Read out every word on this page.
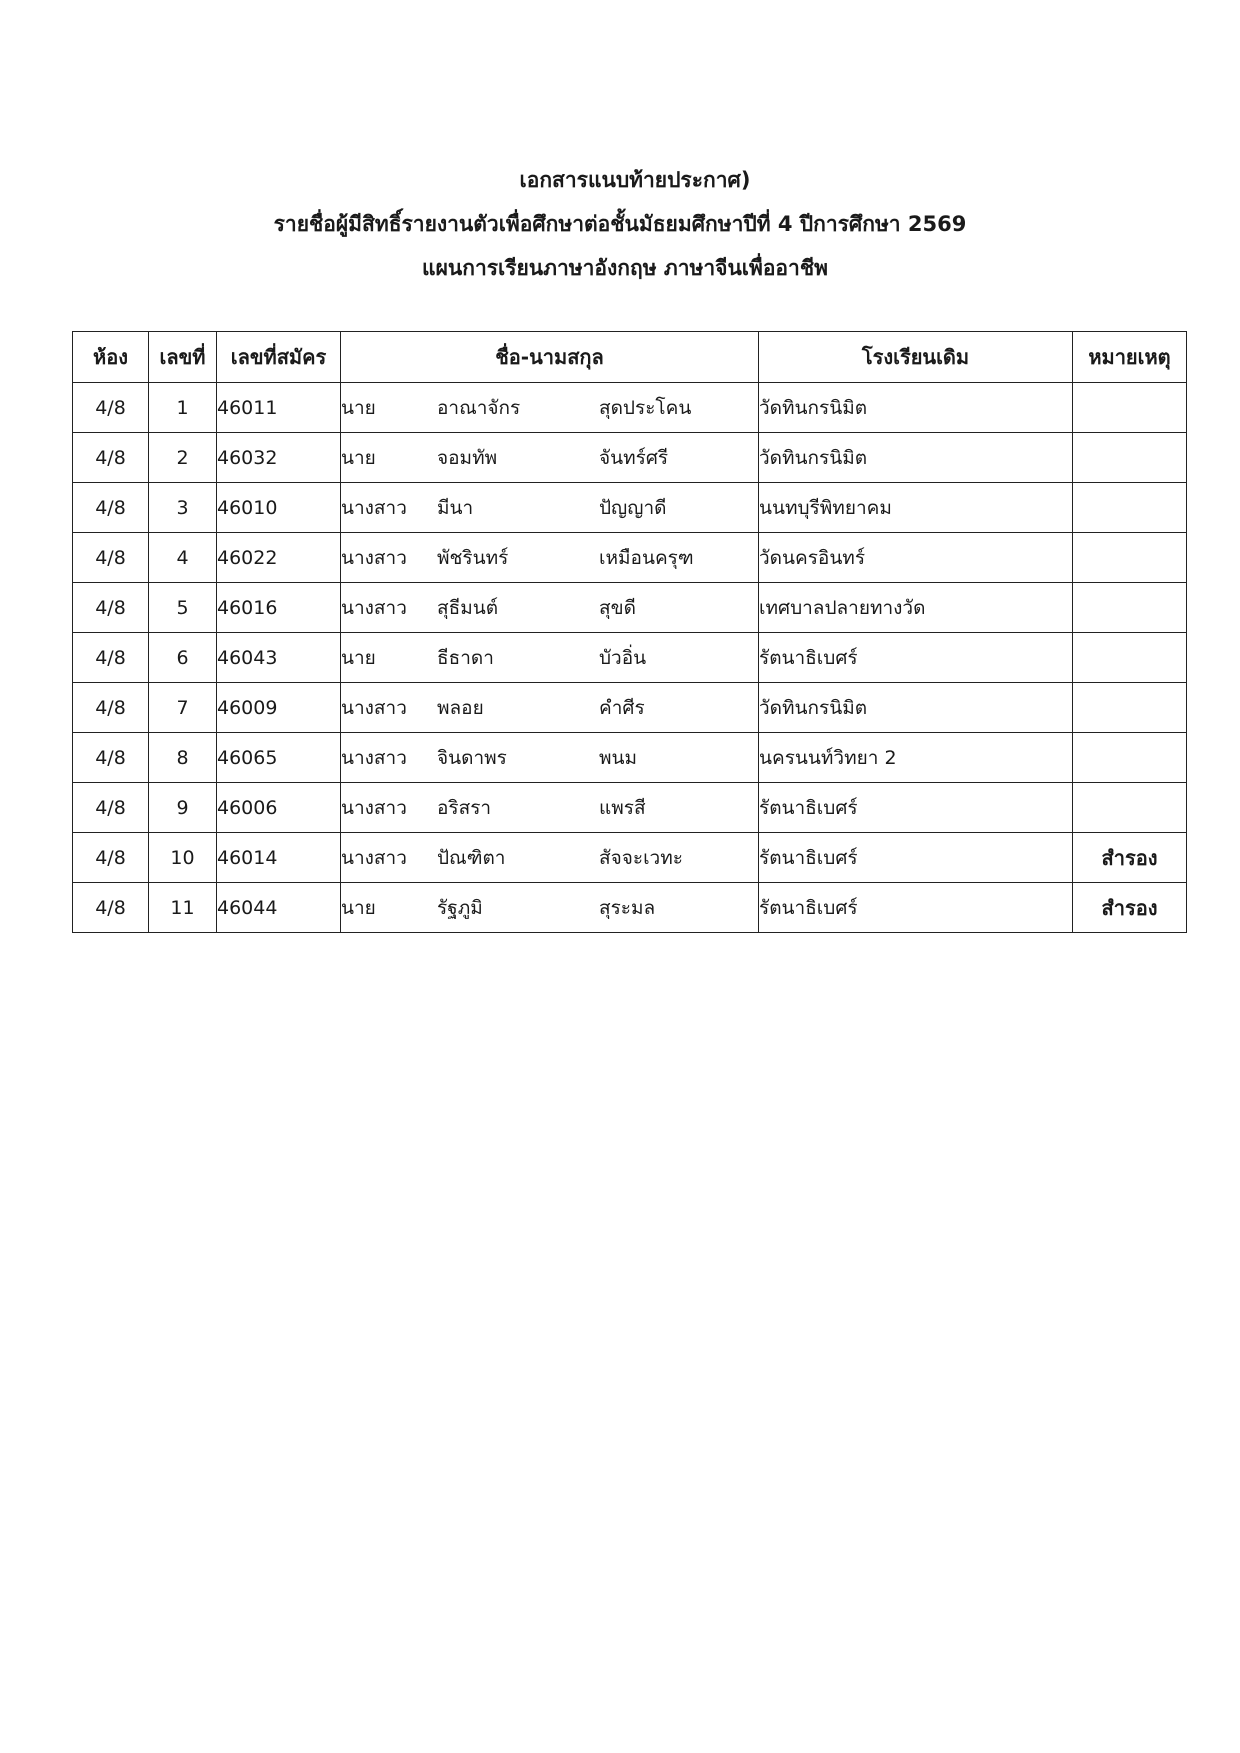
เอกสารแนบท้ายประกาศ)
รายชื่อผู้มีสิทธิ์รายงานตัวเพื่อศึกษาต่อชั้นมัธยมศึกษาปีที่ 4 ปีการศึกษา 2569
แผนการเรียนภาษาอังกฤษ ภาษาจีนเพื่ออาชีพ
ห้อง	เลขที่	เลขที่สมัคร	ชื่อ-นามสกุล	โรงเรียนเดิม	หมายเหตุ
4/8	1	46011	นาย อาณาจักร สุดประโคน	วัดทินกรนิมิต	
4/8	2	46032	นาย จอมทัพ จันทร์ศรี	วัดทินกรนิมิต	
4/8	3	46010	นางสาว มีนา ปัญญาดี	นนทบุรีพิทยาคม	
4/8	4	46022	นางสาว พัชรินทร์ เหมือนครุฑ	วัดนครอินทร์	
4/8	5	46016	นางสาว สุธีมนต์ สุขดี	เทศบาลปลายทางวัด	
4/8	6	46043	นาย ธีธาดา บัวอิ่น	รัตนาธิเบศร์	
4/8	7	46009	นางสาว พลอย คำศีร	วัดทินกรนิมิต	
4/8	8	46065	นางสาว จินดาพร พนม	นครนนท์วิทยา 2	
4/8	9	46006	นางสาว อริสรา แพรสี	รัตนาธิเบศร์	
4/8	10	46014	นางสาว ปัณฑิตา สัจจะเวทะ	รัตนาธิเบศร์	สำรอง
4/8	11	46044	นาย รัฐภูมิ สุระมล	รัตนาธิเบศร์	สำรอง
